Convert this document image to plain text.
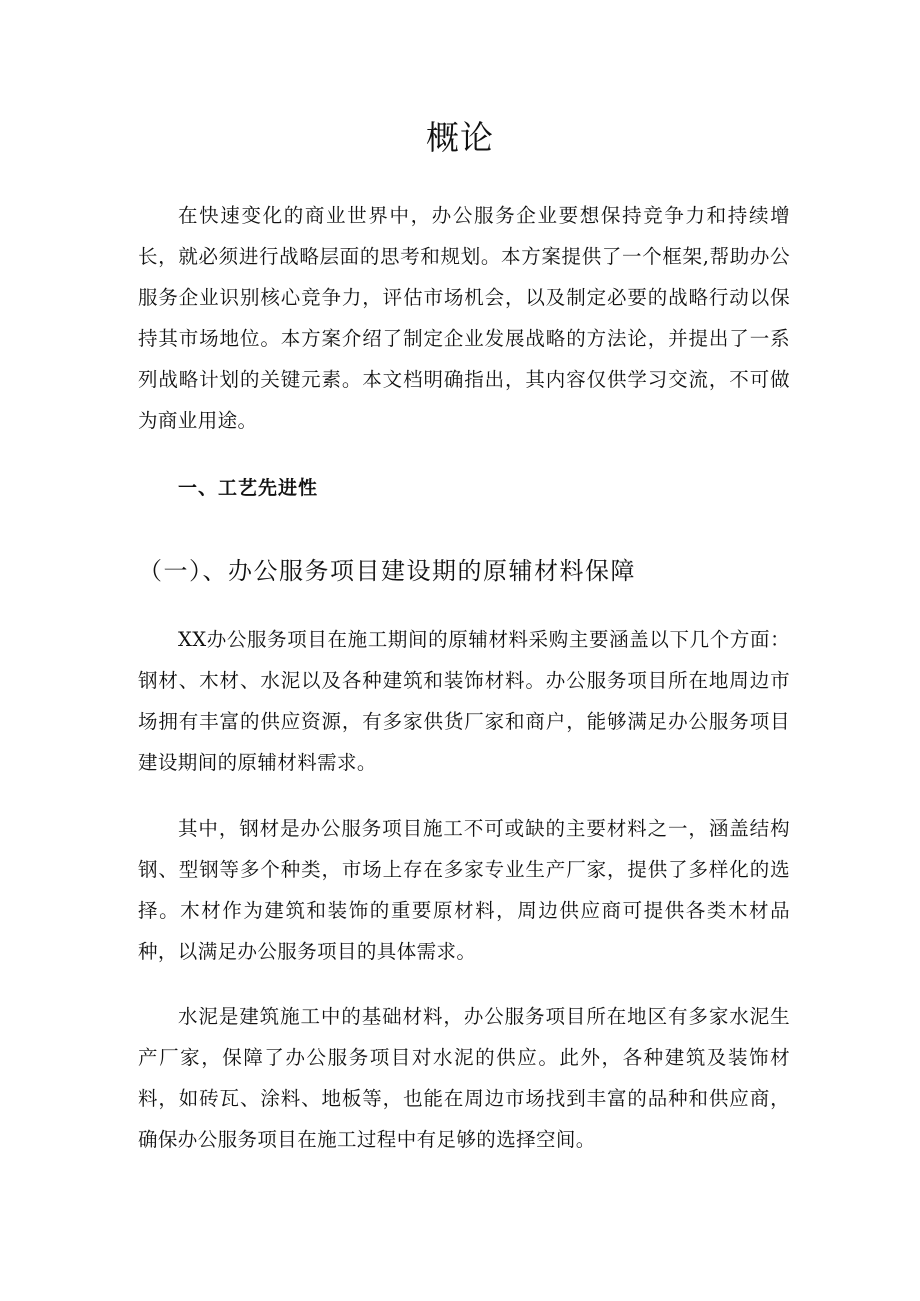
概论

在快速变化的商业世界中，办公服务企业要想保持竞争力和持续增长，就必须进行战略层面的思考和规划。本方案提供了一个框架,帮助办公服务企业识别核心竞争力，评估市场机会，以及制定必要的战略行动以保持其市场地位。本方案介绍了制定企业发展战略的方法论，并提出了一系列战略计划的关键元素。本文档明确指出，其内容仅供学习交流，不可做为商业用途。

一、工艺先进性
（一）、办公服务项目建设期的原辅材料保障

XX办公服务项目在施工期间的原辅材料采购主要涵盖以下几个方面：钢材、木材、水泥以及各种建筑和装饰材料。办公服务项目所在地周边市场拥有丰富的供应资源，有多家供货厂家和商户，能够满足办公服务项目建设期间的原辅材料需求。

其中，钢材是办公服务项目施工不可或缺的主要材料之一，涵盖结构钢、型钢等多个种类，市场上存在多家专业生产厂家，提供了多样化的选择。木材作为建筑和装饰的重要原材料，周边供应商可提供各类木材品种，以满足办公服务项目的具体需求。

水泥是建筑施工中的基础材料，办公服务项目所在地区有多家水泥生产厂家，保障了办公服务项目对水泥的供应。此外，各种建筑及装饰材料，如砖瓦、涂料、地板等，也能在周边市场找到丰富的品种和供应商，确保办公服务项目在施工过程中有足够的选择空间。
